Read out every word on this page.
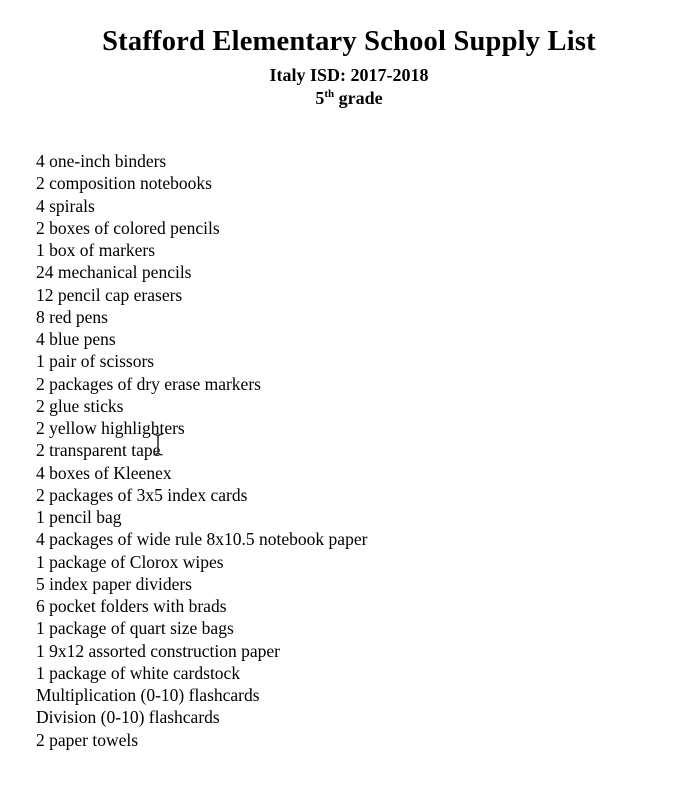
Stafford Elementary School Supply List
Italy ISD: 2017-2018
5th grade
4 one-inch binders
2 composition notebooks
4 spirals
2 boxes of colored pencils
1 box of markers
24 mechanical pencils
12 pencil cap erasers
8 red pens
4 blue pens
1 pair of scissors
2 packages of dry erase markers
2 glue sticks
2 yellow highlighters
2 transparent tape
4 boxes of Kleenex
2 packages of 3x5 index cards
1 pencil bag
4 packages of wide rule 8x10.5 notebook paper
1 package of Clorox wipes
5 index paper dividers
6 pocket folders with brads
1 package of quart size bags
1 9x12 assorted construction paper
1 package of white cardstock
Multiplication (0-10) flashcards
Division (0-10) flashcards
2 paper towels
